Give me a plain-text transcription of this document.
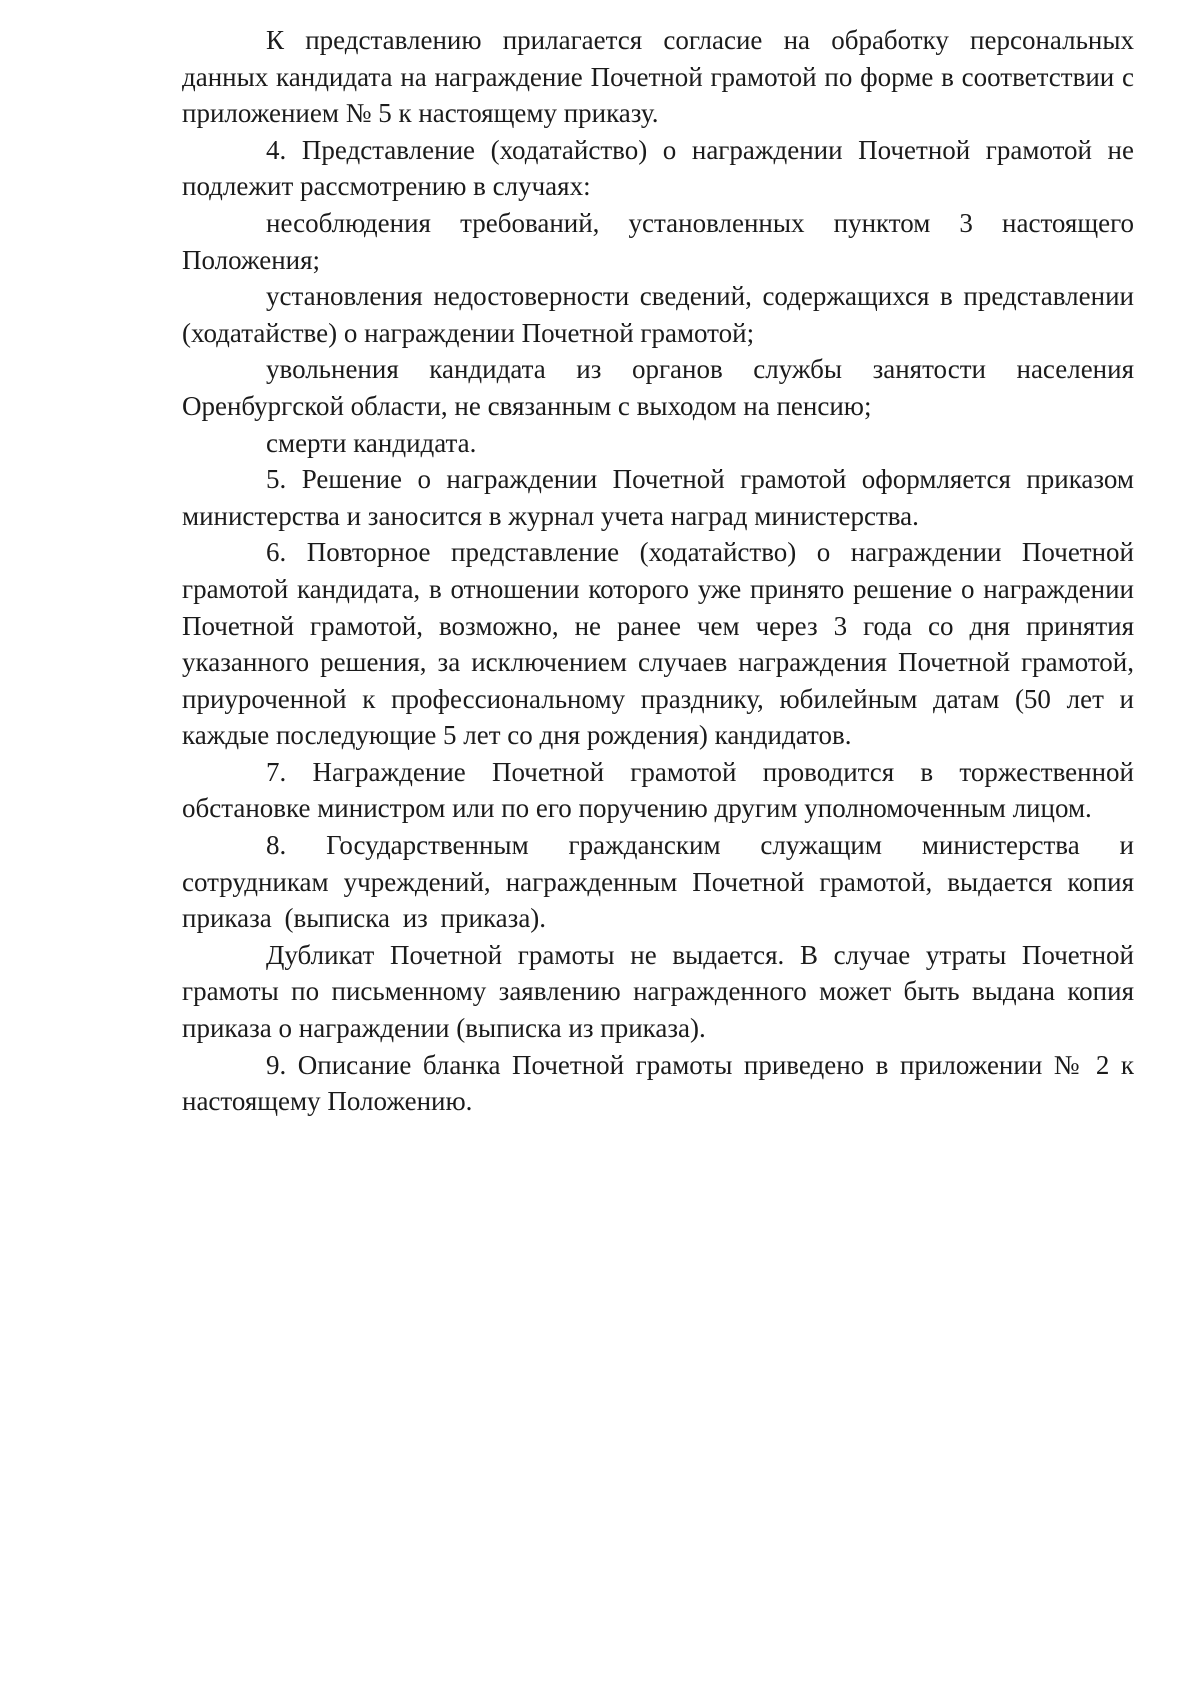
К представлению прилагается согласие на обработку персональных данных кандидата на награждение Почетной грамотой по форме в соответствии с приложением № 5 к настоящему приказу.

4. Представление (ходатайство) о награждении Почетной грамотой не подлежит рассмотрению в случаях:

несоблюдения требований, установленных пунктом 3 настоящего Положения;

установления недостоверности сведений, содержащихся в представлении (ходатайстве) о награждении Почетной грамотой;

увольнения кандидата из органов службы занятости населения Оренбургской области, не связанным с выходом на пенсию;

смерти кандидата.

5. Решение о награждении Почетной грамотой оформляется приказом министерства и заносится в журнал учета наград министерства.

6. Повторное представление (ходатайство) о награждении Почетной грамотой кандидата, в отношении которого уже принято решение о награждении Почетной грамотой, возможно, не ранее чем через 3 года со дня принятия указанного решения, за исключением случаев награждения Почетной грамотой, приуроченной к профессиональному празднику, юбилейным датам (50 лет и каждые последующие 5 лет со дня рождения) кандидатов.

7. Награждение Почетной грамотой проводится в торжественной обстановке министром или по его поручению другим уполномоченным лицом.

8. Государственным гражданским служащим министерства и сотрудникам учреждений, награжденным Почетной грамотой, выдается копия приказа (выписка из приказа).

Дубликат Почетной грамоты не выдается. В случае утраты Почетной грамоты по письменному заявлению награжденного может быть выдана копия приказа о награждении (выписка из приказа).

9. Описание бланка Почетной грамоты приведено в приложении № 2 к настоящему Положению.
